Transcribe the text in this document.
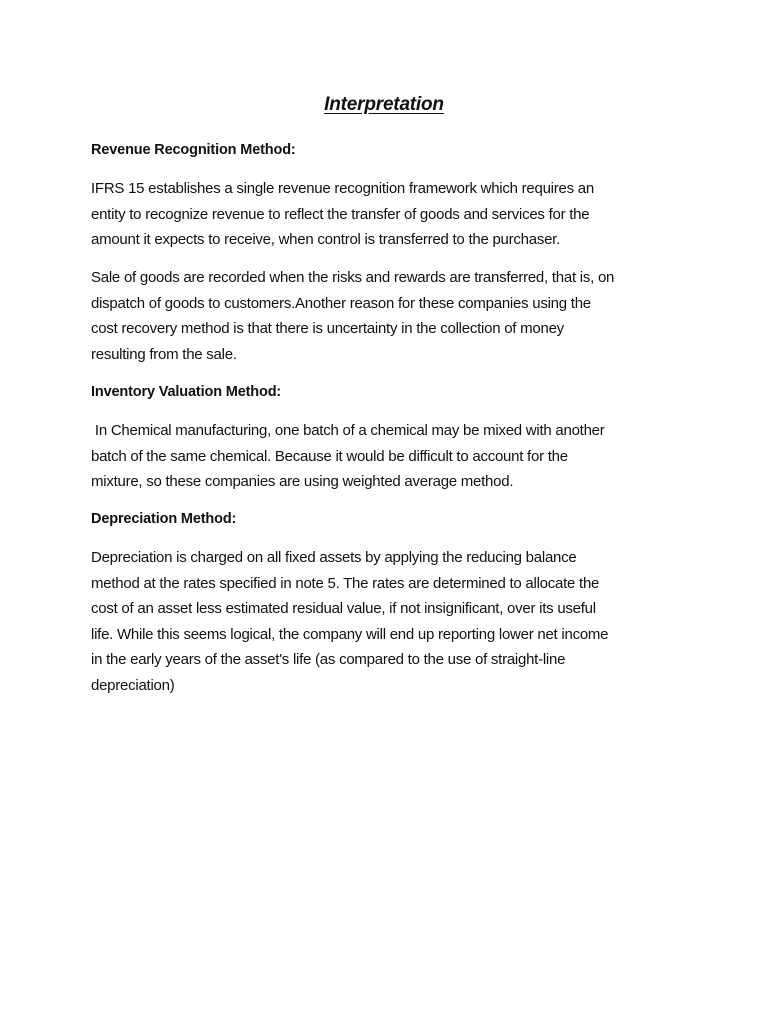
Interpretation
Revenue Recognition Method:

IFRS 15 establishes a single revenue recognition framework which requires an
entity to recognize revenue to reflect the transfer of goods and services for the
amount it expects to receive, when control is transferred to the purchaser.

Sale of goods are recorded when the risks and rewards are transferred, that is, on
dispatch of goods to customers.Another reason for these companies using the
cost recovery method is that there is uncertainty in the collection of money
resulting from the sale.

Inventory Valuation Method:

In Chemical manufacturing, one batch of a chemical may be mixed with another
batch of the same chemical. Because it would be difficult to account for the
mixture, so these companies are using weighted average method.

Depreciation Method:

Depreciation is charged on all fixed assets by applying the reducing balance
method at the rates specified in note 5. The rates are determined to allocate the
cost of an asset less estimated residual value, if not insignificant, over its useful
life. While this seems logical, the company will end up reporting lower net income
in the early years of the asset's life (as compared to the use of straight-line
depreciation)
